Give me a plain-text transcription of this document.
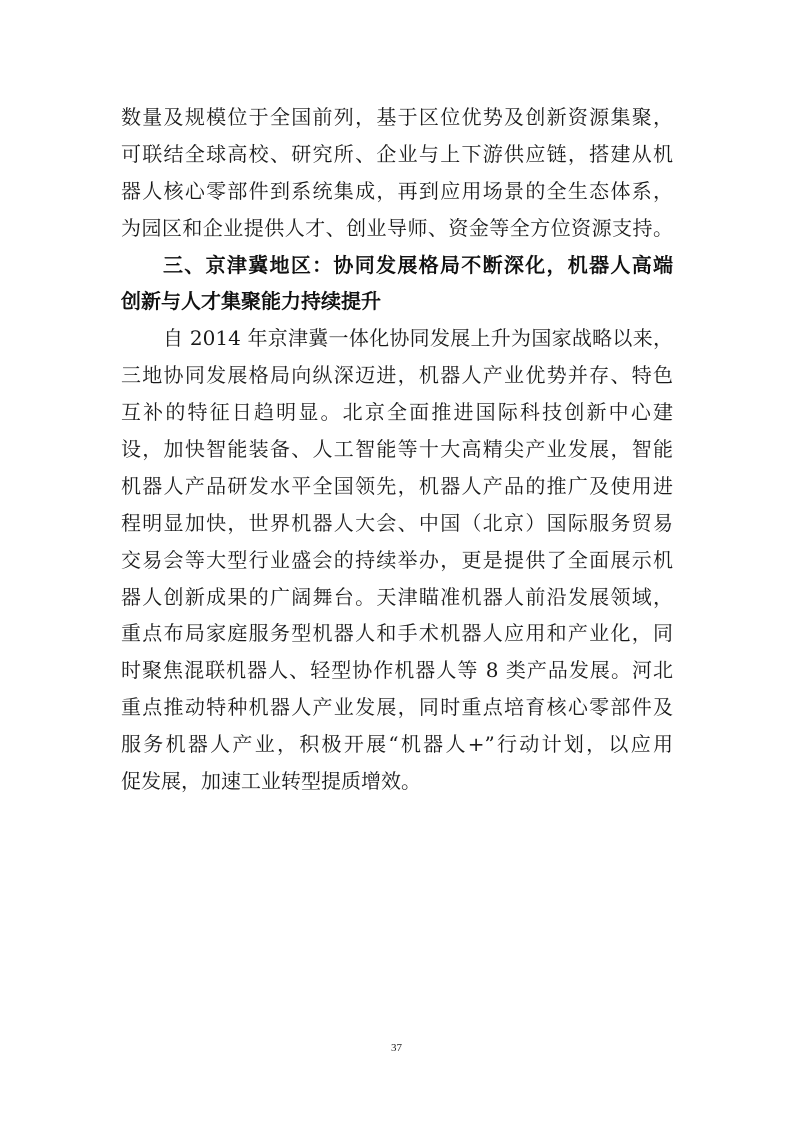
数量及规模位于全国前列，基于区位优势及创新资源集聚，
可联结全球高校、研究所、企业与上下游供应链，搭建从机
器人核心零部件到系统集成，再到应用场景的全生态体系，
为园区和企业提供人才、创业导师、资金等全方位资源支持。
三、京津冀地区：协同发展格局不断深化，机器人高端
创新与人才集聚能力持续提升
自 2014 年京津冀一体化协同发展上升为国家战略以来，
三地协同发展格局向纵深迈进，机器人产业优势并存、特色
互补的特征日趋明显。北京全面推进国际科技创新中心建
设，加快智能装备、人工智能等十大高精尖产业发展，智能
机器人产品研发水平全国领先，机器人产品的推广及使用进
程明显加快，世界机器人大会、中国（北京）国际服务贸易
交易会等大型行业盛会的持续举办，更是提供了全面展示机
器人创新成果的广阔舞台。天津瞄准机器人前沿发展领域，
重点布局家庭服务型机器人和手术机器人应用和产业化，同
时聚焦混联机器人、轻型协作机器人等 8 类产品发展。河北
重点推动特种机器人产业发展，同时重点培育核心零部件及
服务机器人产业，积极开展“机器人+”行动计划，以应用
促发展，加速工业转型提质增效。
37
